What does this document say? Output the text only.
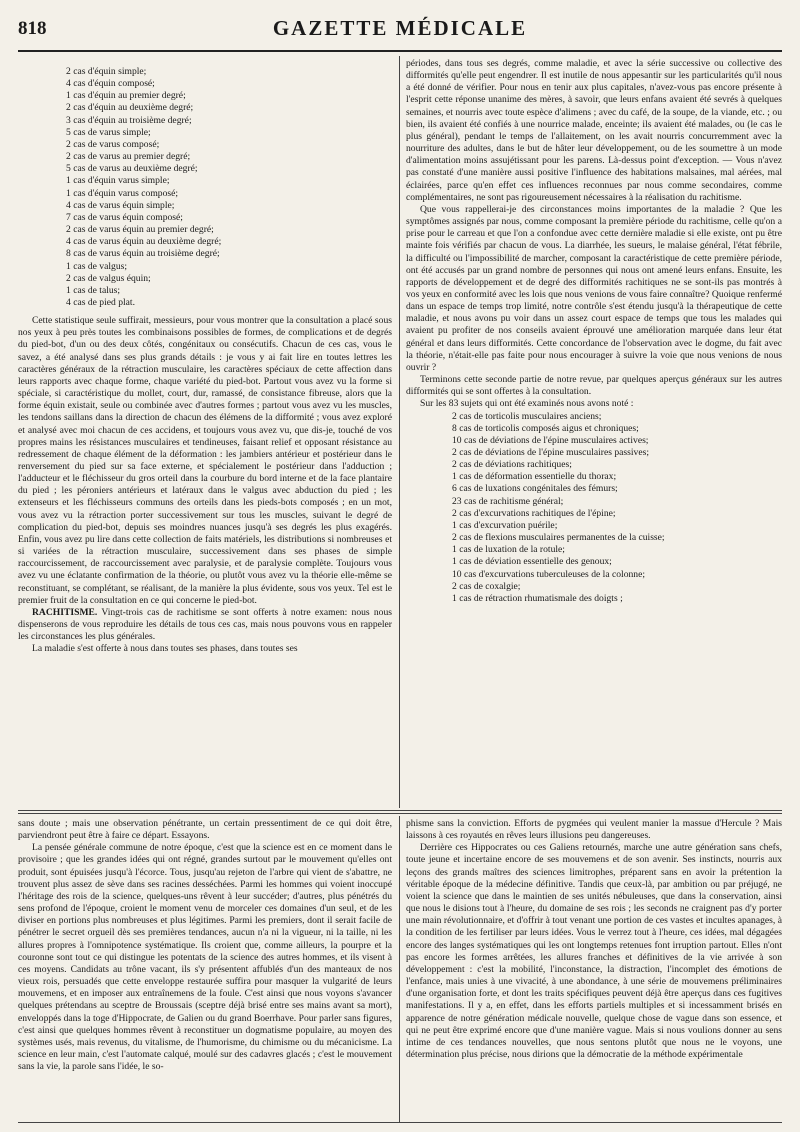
818	GAZETTE MÉDICALE
2 cas d'équin simple;
4 cas d'équin composé;
1 cas d'équin au premier degré;
2 cas d'équin au deuxième degré;
3 cas d'équin au troisième degré;
5 cas de varus simple;
2 cas de varus composé;
2 cas de varus au premier degré;
5 cas de varus au deuxième degré;
1 cas d'équin varus simple;
1 cas d'équin varus composé;
4 cas de varus équin simple;
7 cas de varus équin composé;
2 cas de varus équin au premier degré;
4 cas de varus équin au deuxième degré;
8 cas de varus équin au troisième degré;
1 cas de valgus;
2 cas de valgus équin;
1 cas de talus;
4 cas de pied plat.

Cette statistique seule suffirait, messieurs, pour vous montrer que la consultation a placé sous nos yeux à peu près toutes les combinaisons possibles de formes, de complications et de degrés du pied-bot, d'un ou des deux côtés, congénitaux ou consécutifs. Chacun de ces cas, vous le savez, a été analysé dans ses plus grands détails : je vous y ai fait lire en toutes lettres les caractères généraux de la rétraction musculaire, les caractères spéciaux de cette affection dans leurs rapports avec chaque forme, chaque variété du pied-bot. Partout vous avez vu la forme si spéciale, si caractéristique du mollet, court, dur, ramassé, de consistance fibreuse, alors que la forme équin existait, seule ou combinée avec d'autres formes ; partout vous avez vu les muscles, les tendons saillans dans la direction de chacun des élémens de la difformité ; vous avez exploré et analysé avec moi chacun de ces accidens, et toujours vous avez vu, que dis-je, touché de vos propres mains les résistances musculaires et tendineuses, faisant relief et opposant résistance au redressement de chaque élément de la déformation : les jambiers antérieur et postérieur dans le renversement du pied sur sa face externe, et spécialement le postérieur dans l'adduction ; l'adducteur et le fléchisseur du gros orteil dans la courbure du bord interne et de la face plantaire du pied ; les péroniers antérieurs et latéraux dans le valgus avec abduction du pied ; les extenseurs et les fléchisseurs communs des orteils dans les pieds-bots composés ; en un mot, vous avez vu la rétraction porter successivement sur tous les muscles, suivant le degré de complication du pied-bot, depuis ses moindres nuances jusqu'à ses degrés les plus exagérés. Enfin, vous avez pu lire dans cette collection de faits matériels, les distributions si nombreuses et si variées de la rétraction musculaire, successivement dans ses phases de simple raccourcissement, de raccourcissement avec paralysie, et de paralysie complète. Toujours vous avez vu une éclatante confirmation de la théorie, ou plutôt vous avez vu la théorie elle-même se reconstituant, se complétant, se réalisant, de la manière la plus évidente, sous vos yeux. Tel est le premier fruit de la consultation en ce qui concerne le pied-bot.

RACHITISME. Vingt-trois cas de rachitisme se sont offerts à notre examen: nous nous dispenserons de vous reproduire les détails de tous ces cas, mais nous pouvons vous en rappeler les circonstances les plus générales.

La maladie s'est offerte à nous dans toutes ses phases, dans toutes ses

périodes, dans tous ses degrés, comme maladie, et avec la série successive ou collective des difformités qu'elle peut engendrer. Il est inutile de nous appesantir sur les particularités qu'il nous a été donné de vérifier. Pour nous en tenir aux plus capitales, n'avez-vous pas encore présente à l'esprit cette réponse unanime des mères, à savoir, que leurs enfans avaient été sevrés à quelques semaines, et nourris avec toute espèce d'alimens ; avec du café, de la soupe, de la viande, etc. ; ou bien, ils avaient été confiés à une nourrice malade, enceinte; ils avaient été malades, ou (le cas le plus général), pendant le temps de l'allaitement, on les avait nourris concurremment avec la nourriture des adultes, dans le but de hâter leur développement, ou de les soumettre à un mode d'alimentation moins assujétissant pour les parens. Là-dessus point d'exception. — Vous n'avez pas constaté d'une manière aussi positive l'influence des habitations malsaines, mal aérées, mal éclairées, parce qu'en effet ces influences reconnues par nous comme secondaires, comme complémentaires, ne sont pas rigoureusement nécessaires à la réalisation du rachitisme.

Que vous rappellerai-je des circonstances moins importantes de la maladie ? Que les symptômes assignés par nous, comme composant la première période du rachitisme, celle qu'on a prise pour le carreau et que l'on a confondue avec cette dernière maladie si elle existe, ont pu être mainte fois vérifiés par chacun de vous. La diarrhée, les sueurs, le malaise général, l'état fébrile, la difficulté ou l'impossibilité de marcher, composant la caractéristique de cette première période, ont été accusés par un grand nombre de personnes qui nous ont amené leurs enfans. Ensuite, les rapports de développement et de degré des difformités rachitiques ne se sont-ils pas montrés à vos yeux en conformité avec les lois que nous venions de vous faire connaître? Quoique renfermé dans un espace de temps trop limité, notre contrôle s'est étendu jusqu'à la thérapeutique de cette maladie, et nous avons pu voir dans un assez court espace de temps que tous les malades qui avaient pu profiter de nos conseils avaient éprouvé une amélioration marquée dans leur état général et dans leurs difformités. Cette concordance de l'observation avec le dogme, du fait avec la théorie, n'était-elle pas faite pour nous encourager à suivre la voie que nous venions de nous ouvrir ?

Terminons cette seconde partie de notre revue, par quelques aperçus généraux sur les autres difformités qui se sont offertes à la consultation.

Sur les 83 sujets qui ont été examinés nous avons noté :

2 cas de torticolis musculaires anciens;
8 cas de torticolis composés aigus et chroniques;
10 cas de déviations de l'épine musculaires actives;
2 cas de déviations de l'épine musculaires passives;
2 cas de déviations rachitiques;
1 cas de déformation essentielle du thorax;
6 cas de luxations congénitales des fémurs;
23 cas de rachitisme général;
2 cas d'excurvations rachitiques de l'épine;
1 cas d'excurvation puérile;
2 cas de flexions musculaires permanentes de la cuisse;
1 cas de luxation de la rotule;
1 cas de déviation essentielle des genoux;
10 cas d'excurvations tuberculeuses de la colonne;
2 cas de coxalgie;
1 cas de rétraction rhumatismale des doigts ;

sans doute ; mais une observation pénétrante, un certain pressentiment de ce qui doit être, parviendront peut être à faire ce départ. Essayons.

La pensée générale commune de notre époque, c'est que la science est en ce moment dans le provisoire ; que les grandes idées qui ont régné, grandes surtout par le mouvement qu'elles ont produit, sont épuisées jusqu'à l'écorce. Tous, jusqu'au rejeton de l'arbre qui vient de s'abattre, ne trouvent plus assez de sève dans ses racines desséchées. Parmi les hommes qui voient inoccupé l'héritage des rois de la science, quelques-uns rêvent à leur succéder; d'autres, plus pénétrés du sens profond de l'époque, croient le moment venu de morceler ces domaines d'un seul, et de les diviser en portions plus nombreuses et plus légitimes. Parmi les premiers, dont il serait facile de pénétrer le secret orgueil dès ses premières tendances, aucun n'a ni la vigueur, ni la taille, ni les allures propres à l'omnipotence systématique. Ils croient que, comme ailleurs, la pourpre et la couronne sont tout ce qui distingue les potentats de la science des autres hommes, et ils visent à ces moyens. Candidats au trône vacant, ils s'y présentent affublés d'un des manteaux de nos vieux rois, persuadés que cette enveloppe restaurée suffira pour masquer la vulgarité de leurs mouvemens, et en imposer aux entraînemens de la foule. C'est ainsi que nous voyons s'avancer quelques prétendans au sceptre de Broussais (sceptre déjà brisé entre ses mains avant sa mort), enveloppés dans la toge d'Hippocrate, de Galien ou du grand Boerrhave. Pour parler sans figures, c'est ainsi que quelques hommes rêvent à reconstituer un dogmatisme populaire, au moyen des systèmes usés, mais revenus, du vitalisme, de l'humorisme, du chimisme ou du mécanicisme. La science en leur main, c'est l'automate calqué, moulé sur des cadavres glacés ; c'est le mouvement sans la vie, la parole sans l'idée, le so-

phisme sans la conviction. Efforts de pygmées qui veulent manier la massue d'Hercule ? Mais laissons à ces royautés en rêves leurs illusions peu dangereuses.

Derrière ces Hippocrates ou ces Galiens retournés, marche une autre génération sans chefs, toute jeune et incertaine encore de ses mouvemens et de son avenir. Ses instincts, nourris aux leçons des grands maîtres des sciences limitrophes, préparent sans en avoir la prétention la véritable époque de la médecine définitive. Tandis que ceux-là, par ambition ou par préjugé, ne voient la science que dans le maintien de ses unités nébuleuses, que dans la conservation, ainsi que nous le disions tout à l'heure, du domaine de ses rois ; les seconds ne craignent pas d'y porter une main révolutionnaire, et d'offrir à tout venant une portion de ces vastes et incultes apanages, à la condition de les fertiliser par leurs idées. Vous le verrez tout à l'heure, ces idées, mal dégagées encore des langes systématiques qui les ont longtemps retenues font irruption partout. Elles n'ont pas encore les formes arrêtées, les allures franches et définitives de la vie arrivée à son développement : c'est la mobilité, l'inconstance, la distraction, l'incomplet des émotions de l'enfance, mais unies à une vivacité, à une abondance, à une série de mouvemens préliminaires d'une organisation forte, et dont les traits spécifiques peuvent déjà être aperçus dans ces fugitives manifestations. Il y a, en effet, dans les efforts partiels multiples et si incessamment brisés en apparence de notre génération médicale nouvelle, quelque chose de vague dans son essence, et qui ne peut être exprimé encore que d'une manière vague. Mais si nous voulions donner au sens intime de ces tendances nouvelles, que nous sentons plutôt que nous ne le voyons, une détermination plus précise, nous dirions que la démocratie de la méthode expérimentale
